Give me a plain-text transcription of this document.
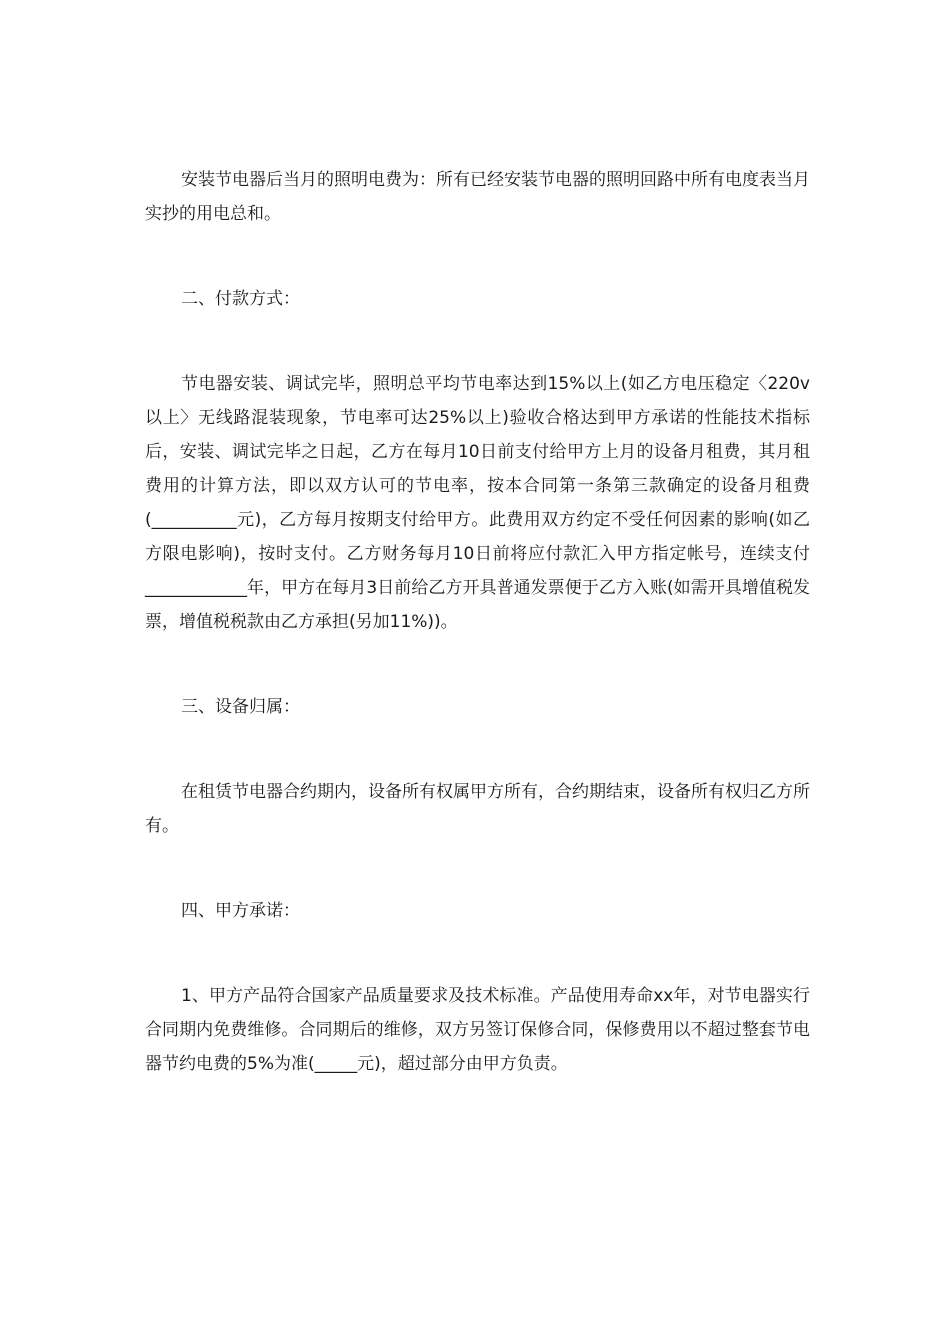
安装节电器后当月的照明电费为：所有已经安装节电器的照明回路中所有电度表当月实抄的用电总和。

二、付款方式：

节电器安装、调试完毕，照明总平均节电率达到15%以上(如乙方电压稳定〈220v以上〉无线路混装现象，节电率可达25%以上)验收合格达到甲方承诺的性能技术指标后，安装、调试完毕之日起，乙方在每月10日前支付给甲方上月的设备月租费，其月租费用的计算方法，即以双方认可的节电率，按本合同第一条第三款确定的设备月租费(__________元)，乙方每月按期支付给甲方。此费用双方约定不受任何因素的影响(如乙方限电影响)，按时支付。乙方财务每月10日前将应付款汇入甲方指定帐号，连续支付____________年，甲方在每月3日前给乙方开具普通发票便于乙方入账(如需开具增值税发票，增值税税款由乙方承担(另加11%))。

三、设备归属：

在租赁节电器合约期内，设备所有权属甲方所有，合约期结束，设备所有权归乙方所有。

四、甲方承诺：

1、甲方产品符合国家产品质量要求及技术标准。产品使用寿命xx年，对节电器实行合同期内免费维修。合同期后的维修，双方另签订保修合同，保修费用以不超过整套节电器节约电费的5%为准(_____元)，超过部分由甲方负责。
